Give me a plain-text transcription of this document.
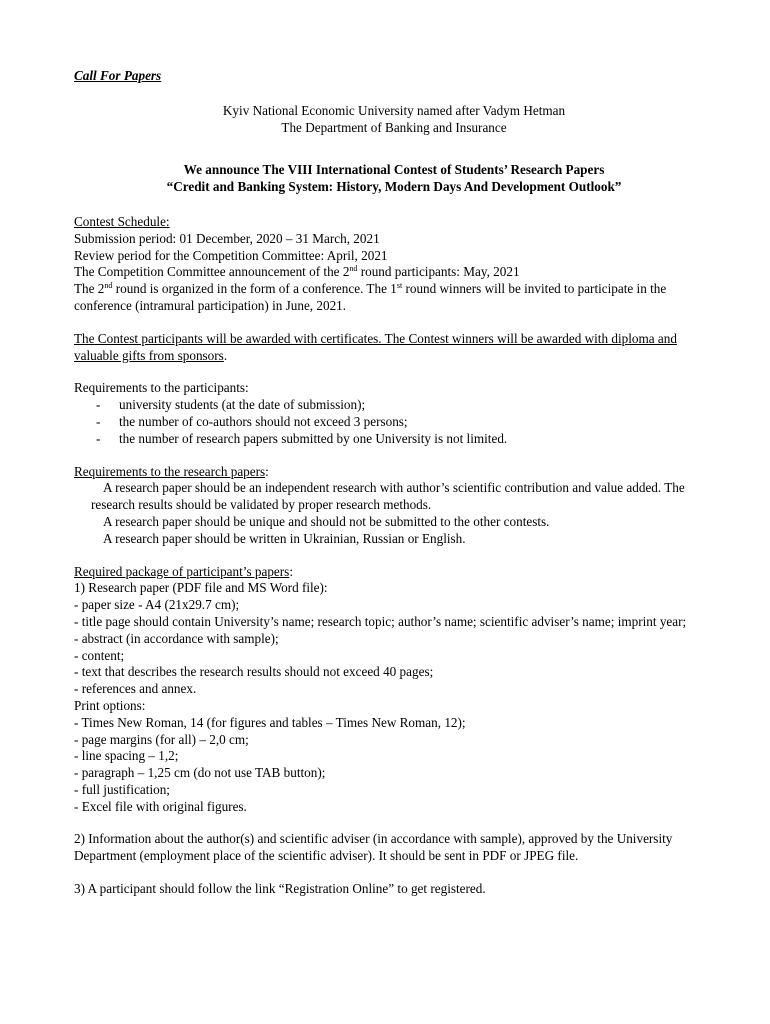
Call For Papers

Kyiv National Economic University named after Vadym Hetman

The Department of Banking and Insurance

We announce The VIII International Contest of Students’ Research Papers

“Credit and Banking System: History, Modern Days And Development Outlook”

Contest Schedule:

Submission period: 01 December, 2020 – 31 March, 2021

Review period for the Competition Committee: April, 2021

The Competition Committee announcement of the 2nd round participants: May, 2021

The 2nd round is organized in the form of a conference. The 1st round winners will be invited to participate in the conference (intramural participation) in June, 2021.

The Contest participants will be awarded with certificates. The Contest winners will be awarded with diploma and valuable gifts from sponsors.

Requirements to the participants:

- university students (at the date of submission);
- the number of co-authors should not exceed 3 persons;
- the number of research papers submitted by one University is not limited.

Requirements to the research papers:

A research paper should be an independent research with author’s scientific contribution and value added. The research results should be validated by proper research methods.

A research paper should be unique and should not be submitted to the other contests.

A research paper should be written in Ukrainian, Russian or English.

Required package of participant’s papers:

1) Research paper (PDF file and MS Word file):

- paper size - A4 (21x29.7 cm);

- title page should contain University’s name; research topic; author’s name; scientific adviser’s name; imprint year;

- abstract (in accordance with sample);

- content;

- text that describes the research results should not exceed 40 pages;

- references and annex.

Print options:

- Times New Roman, 14 (for figures and tables – Times New Roman, 12);

- page margins (for all) – 2,0 cm;

- line spacing – 1,2;

- paragraph – 1,25 cm (do not use TAB button);

- full justification;

- Excel file with original figures.

2) Information about the author(s) and scientific adviser (in accordance with sample), approved by the University Department (employment place of the scientific adviser). It should be sent in PDF or JPEG file.

3) A participant should follow the link “Registration Online” to get registered.
